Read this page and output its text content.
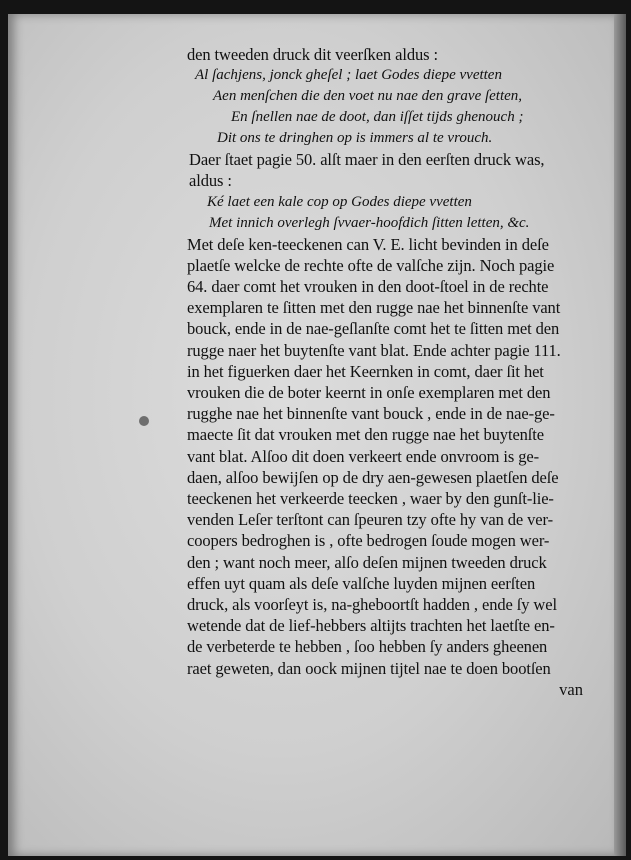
den tweeden druck dit veerſken aldus :
Al ſachjens, jonck gheſel ; laet Godes diepe vvetten
Aen menſchen die den voet nu nae den grave ſetten,
En ſnellen nae de doot, dan iſſet tijds ghenouch ;
Dit ons te dringhen op is immers al te vrouch.
Daer ſtaet pagie 50. alſt maer in den eerſten druck was,
aldus :
Ké laet een kale cop op Godes diepe vvetten
Met innich overlegh ſvvaer-hoofdich ſitten letten, &c.
Met deſe ken-teeckenen can V. E. licht bevinden in deſe
plaetſe welcke de rechte ofte de valſche zijn. Noch pagie
64. daer comt het vrouken in den doot-ſtoel in de rechte
exemplaren te ſitten met den rugge nae het binnenſte vant
bouck, ende in de nae-geſlanſte comt het te ſitten met den
rugge naer het buytenſte vant blat. Ende achter pagie 111.
in het figuerken daer het Keernken in comt, daer ſit het
vrouken die de boter keernt in onſe exemplaren met den
rugghe nae het binnenſte vant bouck , ende in de nae-ge-
maecte ſit dat vrouken met den rugge nae het buytenſte
vant blat. Alſoo dit doen verkeert ende onvroom is ge-
daen, alſoo bewijſen op de dry aen-gewesen plaetſen deſe
teeckenen het verkeerde teecken , waer by den gunſt-lie-
venden Leſer terſtont can ſpeuren tzy ofte hy van de ver-
coopers bedroghen is , ofte bedrogen ſoude mogen wer-
den ; want noch meer, alſo deſen mijnen tweeden druck
effen uyt quam als deſe valſche luyden mijnen eerſten
druck, als voorſeyt is, na-gheboortſt hadden , ende ſy wel
wetende dat de lief-hebbers altijts trachten het laetſte en-
de verbeterde te hebben , ſoo hebben ſy anders gheenen
raet geweten, dan oock mijnen tijtel nae te doen bootſen
van
